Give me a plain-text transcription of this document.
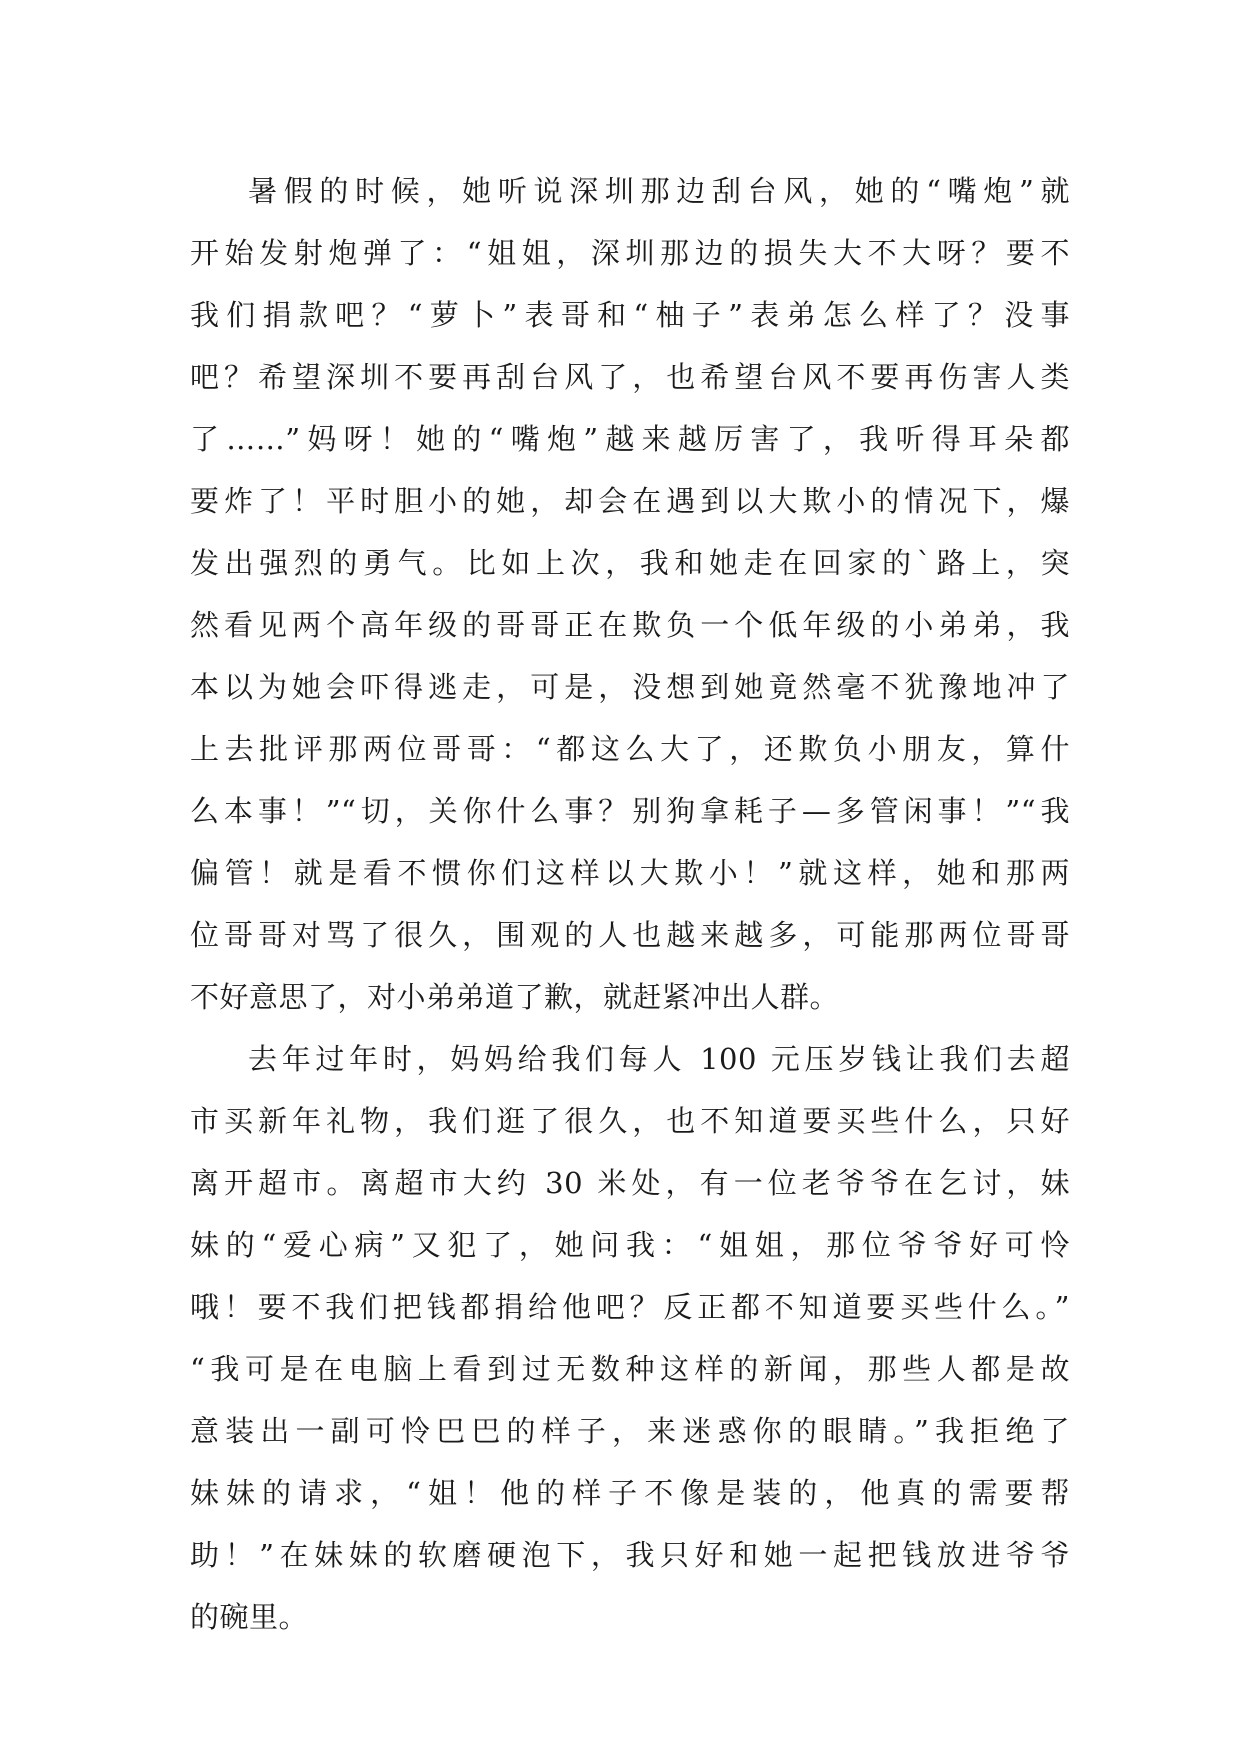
暑假的时候，她听说深圳那边刮台风，她的“嘴炮”就
开始发射炮弹了：“姐姐，深圳那边的损失大不大呀？要不
我们捐款吧？“萝卜”表哥和“柚子”表弟怎么样了？没事
吧？希望深圳不要再刮台风了，也希望台风不要再伤害人类
了……”妈呀！她的“嘴炮”越来越厉害了，我听得耳朵都
要炸了！平时胆小的她，却会在遇到以大欺小的情况下，爆
发出强烈的勇气。比如上次，我和她走在回家的`路上，突
然看见两个高年级的哥哥正在欺负一个低年级的小弟弟，我
本以为她会吓得逃走，可是，没想到她竟然毫不犹豫地冲了
上去批评那两位哥哥：“都这么大了，还欺负小朋友，算什
么本事！”“切，关你什么事？别狗拿耗子—多管闲事！”“我
偏管！就是看不惯你们这样以大欺小！”就这样，她和那两
位哥哥对骂了很久，围观的人也越来越多，可能那两位哥哥
不好意思了，对小弟弟道了歉，就赶紧冲出人群。
去年过年时，妈妈给我们每人 100 元压岁钱让我们去超
市买新年礼物，我们逛了很久，也不知道要买些什么，只好
离开超市。离超市大约 30 米处，有一位老爷爷在乞讨，妹
妹的“爱心病”又犯了，她问我：“姐姐，那位爷爷好可怜
哦！要不我们把钱都捐给他吧？反正都不知道要买些什么。”
“我可是在电脑上看到过无数种这样的新闻，那些人都是故
意装出一副可怜巴巴的样子，来迷惑你的眼睛。”我拒绝了
妹妹的请求，“姐！他的样子不像是装的，他真的需要帮
助！”在妹妹的软磨硬泡下，我只好和她一起把钱放进爷爷
的碗里。
